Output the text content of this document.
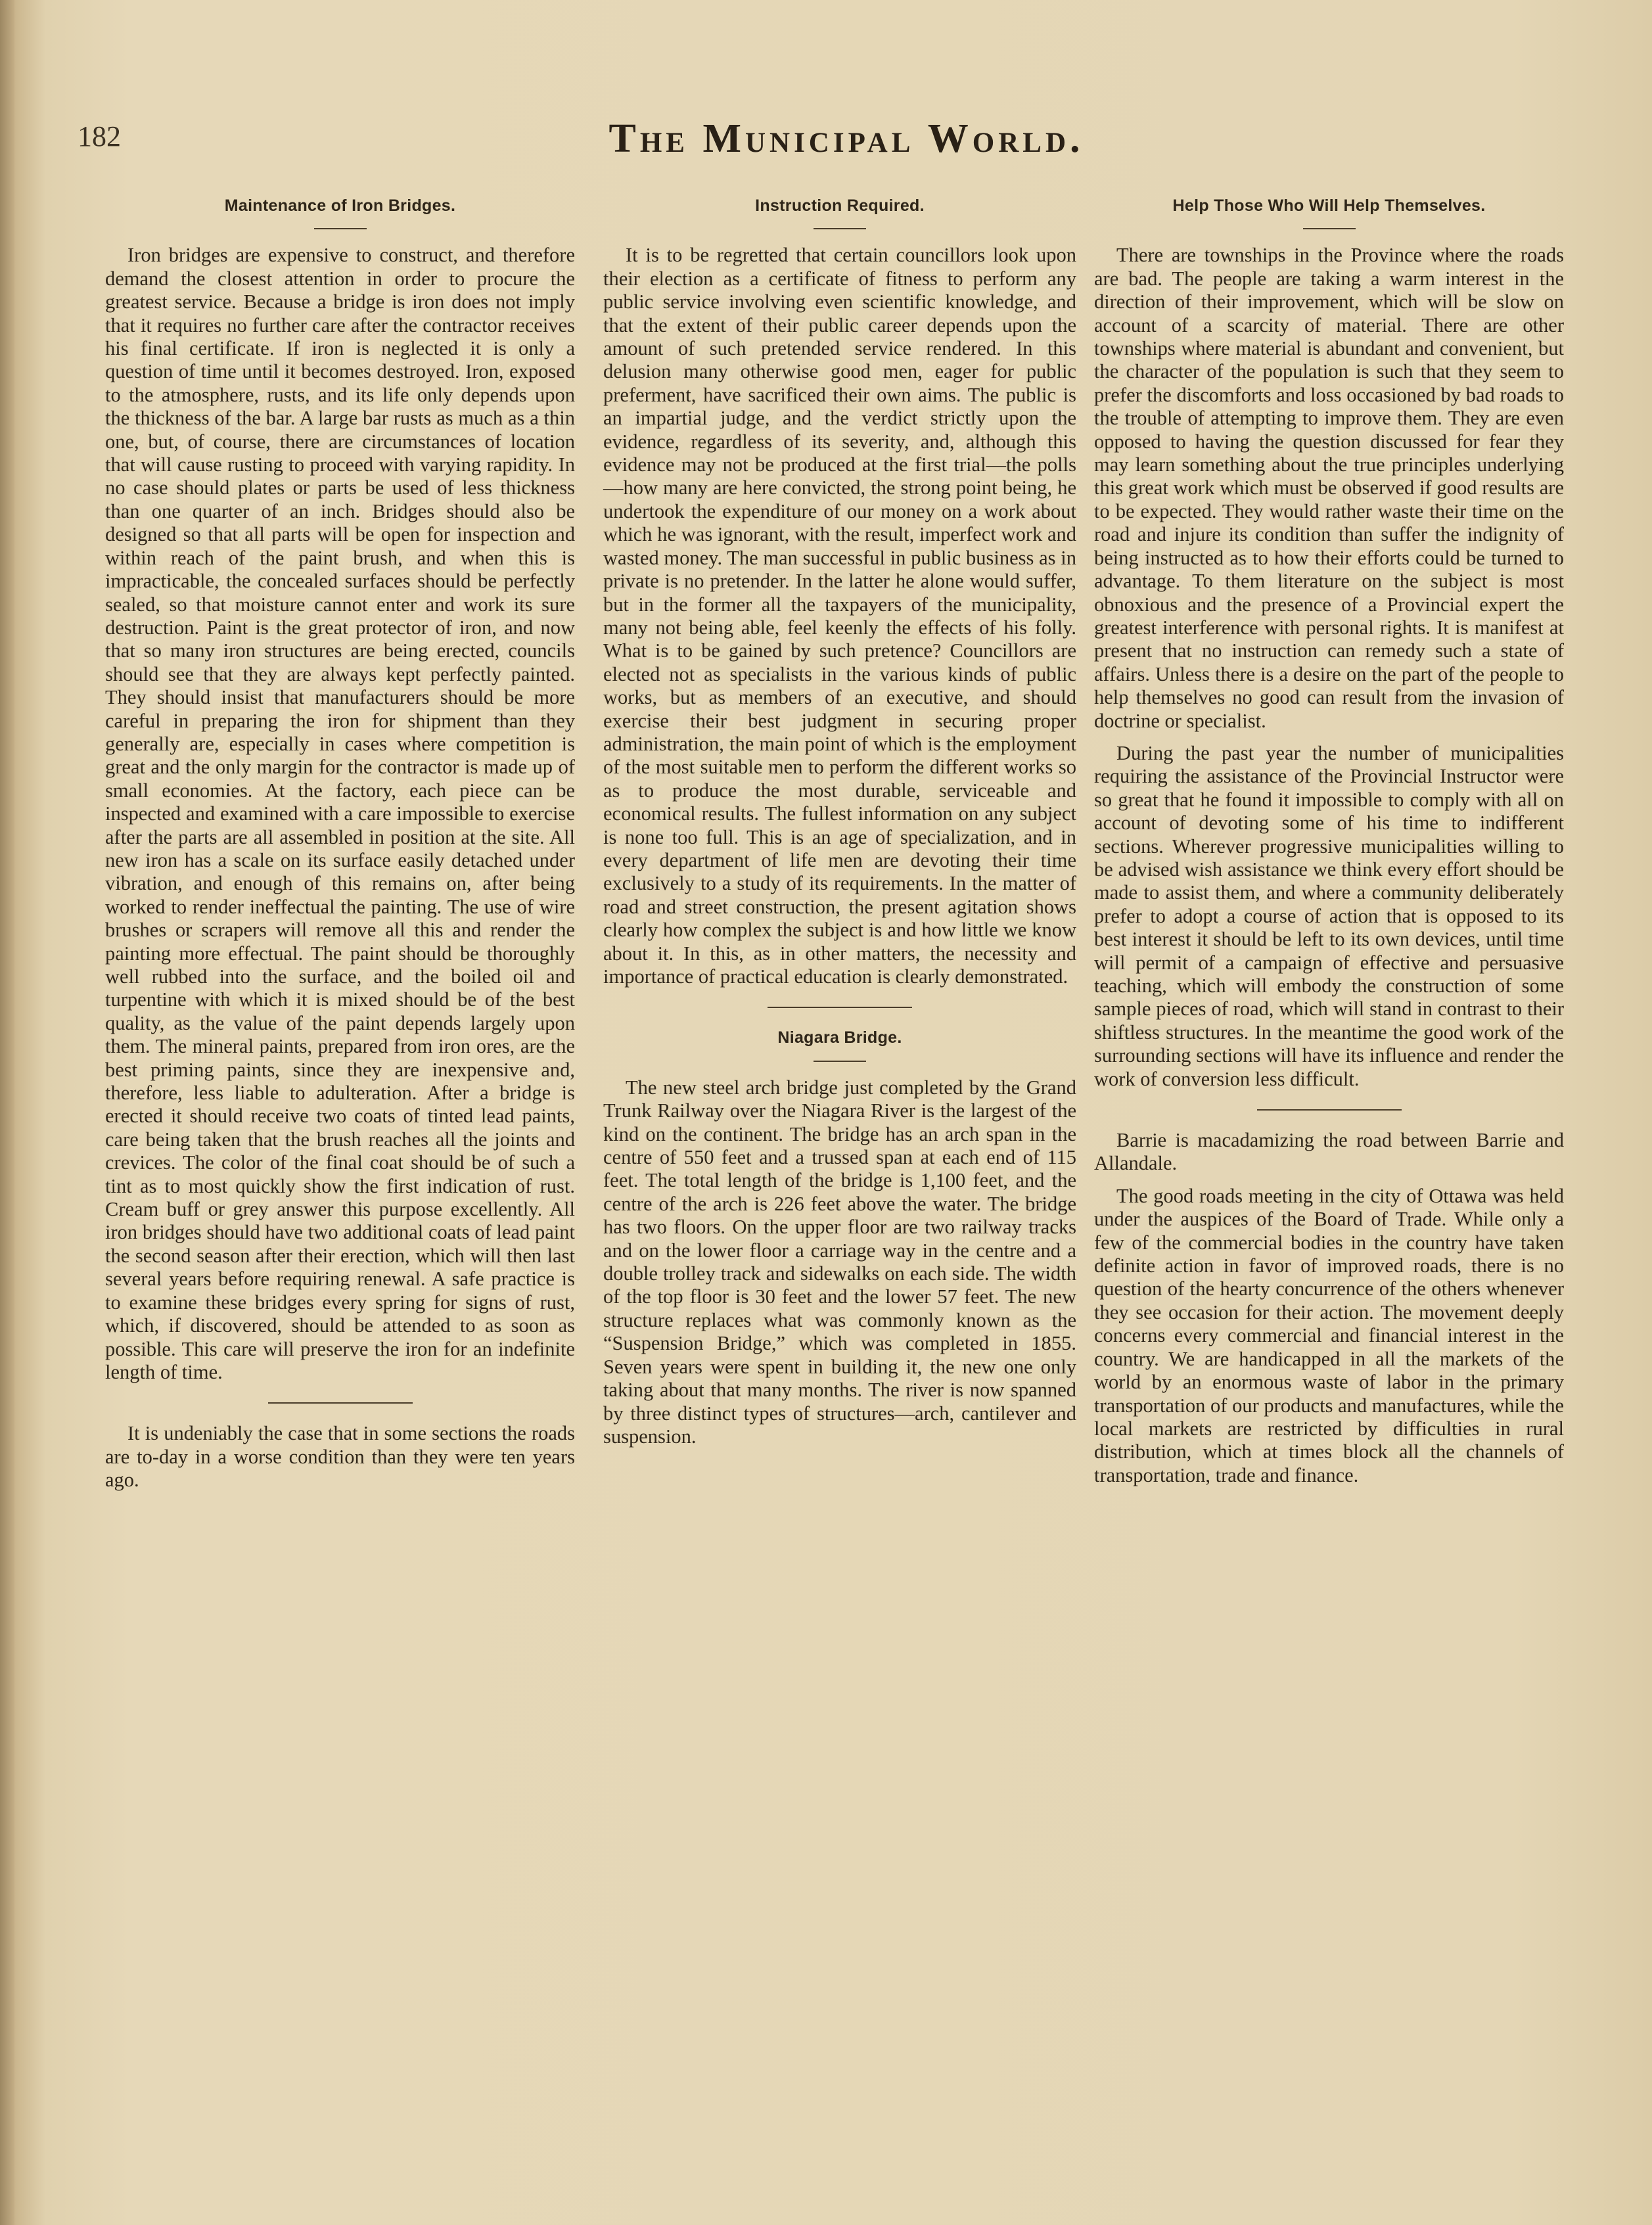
182	The Municipal World.
Maintenance of Iron Bridges.

Iron bridges are expensive to construct, and therefore demand the closest attention in order to procure the greatest service. Because a bridge is iron does not imply that it requires no further care after the contractor receives his final certificate. If iron is neglected it is only a question of time until it becomes destroyed. Iron, exposed to the atmosphere, rusts, and its life only depends upon the thickness of the bar. A large bar rusts as much as a thin one, but, of course, there are circumstances of location that will cause rusting to proceed with varying rapidity. In no case should plates or parts be used of less thickness than one quarter of an inch. Bridges should also be designed so that all parts will be open for inspection and within reach of the paint brush, and when this is impracticable, the concealed surfaces should be perfectly sealed, so that moisture cannot enter and work its sure destruction. Paint is the great protector of iron, and now that so many iron structures are being erected, councils should see that they are always kept perfectly painted. They should insist that manufacturers should be more careful in preparing the iron for shipment than they generally are, especially in cases where competition is great and the only margin for the contractor is made up of small economies. At the factory, each piece can be inspected and examined with a care impossible to exercise after the parts are all assembled in position at the site. All new iron has a scale on its surface easily detached under vibration, and enough of this remains on, after being worked to render ineffectual the painting. The use of wire brushes or scrapers will remove all this and render the painting more effectual. The paint should be thoroughly well rubbed into the surface, and the boiled oil and turpentine with which it is mixed should be of the best quality, as the value of the paint depends largely upon them. The mineral paints, prepared from iron ores, are the best priming paints, since they are inexpensive and, therefore, less liable to adulteration. After a bridge is erected it should receive two coats of tinted lead paints, care being taken that the brush reaches all the joints and crevices. The color of the final coat should be of such a tint as to most quickly show the first indication of rust. Cream buff or grey answer this purpose excellently. All iron bridges should have two additional coats of lead paint the second season after their erection, which will then last several years before requiring renewal. A safe practice is to examine these bridges every spring for signs of rust, which, if discovered, should be attended to as soon as possible. This care will preserve the iron for an indefinite length of time.

It is undeniably the case that in some sections the roads are to-day in a worse condition than they were ten years ago.

Instruction Required.

It is to be regretted that certain councillors look upon their election as a certificate of fitness to perform any public service involving even scientific knowledge, and that the extent of their public career depends upon the amount of such pretended service rendered. In this delusion many otherwise good men, eager for public preferment, have sacrificed their own aims. The public is an impartial judge, and the verdict strictly upon the evidence, regardless of its severity, and, although this evidence may not be produced at the first trial—the polls—how many are here convicted, the strong point being, he undertook the expenditure of our money on a work about which he was ignorant, with the result, imperfect work and wasted money. The man successful in public business as in private is no pretender. In the latter he alone would suffer, but in the former all the taxpayers of the municipality, many not being able, feel keenly the effects of his folly. What is to be gained by such pretence? Councillors are elected not as specialists in the various kinds of public works, but as members of an executive, and should exercise their best judgment in securing proper administration, the main point of which is the employment of the most suitable men to perform the different works so as to produce the most durable, serviceable and economical results. The fullest information on any subject is none too full. This is an age of specialization, and in every department of life men are devoting their time exclusively to a study of its requirements. In the matter of road and street construction, the present agitation shows clearly how complex the subject is and how little we know about it. In this, as in other matters, the necessity and importance of practical education is clearly demonstrated.

Niagara Bridge.

The new steel arch bridge just completed by the Grand Trunk Railway over the Niagara River is the largest of the kind on the continent. The bridge has an arch span in the centre of 550 feet and a trussed span at each end of 115 feet. The total length of the bridge is 1,100 feet, and the centre of the arch is 226 feet above the water. The bridge has two floors. On the upper floor are two railway tracks and on the lower floor a carriage way in the centre and a double trolley track and sidewalks on each side. The width of the top floor is 30 feet and the lower 57 feet. The new structure replaces what was commonly known as the “Suspension Bridge,” which was completed in 1855. Seven years were spent in building it, the new one only taking about that many months. The river is now spanned by three distinct types of structures—arch, cantilever and suspension.

Help Those Who Will Help Themselves.

There are townships in the Province where the roads are bad. The people are taking a warm interest in the direction of their improvement, which will be slow on account of a scarcity of material. There are other townships where material is abundant and convenient, but the character of the population is such that they seem to prefer the discomforts and loss occasioned by bad roads to the trouble of attempting to improve them. They are even opposed to having the question discussed for fear they may learn something about the true principles underlying this great work which must be observed if good results are to be expected. They would rather waste their time on the road and injure its condition than suffer the indignity of being instructed as to how their efforts could be turned to advantage. To them literature on the subject is most obnoxious and the presence of a Provincial expert the greatest interference with personal rights. It is manifest at present that no instruction can remedy such a state of affairs. Unless there is a desire on the part of the people to help themselves no good can result from the invasion of doctrine or specialist.

During the past year the number of municipalities requiring the assistance of the Provincial Instructor were so great that he found it impossible to comply with all on account of devoting some of his time to indifferent sections. Wherever progressive municipalities willing to be advised wish assistance we think every effort should be made to assist them, and where a community deliberately prefer to adopt a course of action that is opposed to its best interest it should be left to its own devices, until time will permit of a campaign of effective and persuasive teaching, which will embody the construction of some sample pieces of road, which will stand in contrast to their shiftless structures. In the meantime the good work of the surrounding sections will have its influence and render the work of conversion less difficult.

Barrie is macadamizing the road between Barrie and Allandale.

The good roads meeting in the city of Ottawa was held under the auspices of the Board of Trade. While only a few of the commercial bodies in the country have taken definite action in favor of improved roads, there is no question of the hearty concurrence of the others whenever they see occasion for their action. The movement deeply concerns every commercial and financial interest in the country. We are handicapped in all the markets of the world by an enormous waste of labor in the primary transportation of our products and manufactures, while the local markets are restricted by difficulties in rural distribution, which at times block all the channels of transportation, trade and finance.
